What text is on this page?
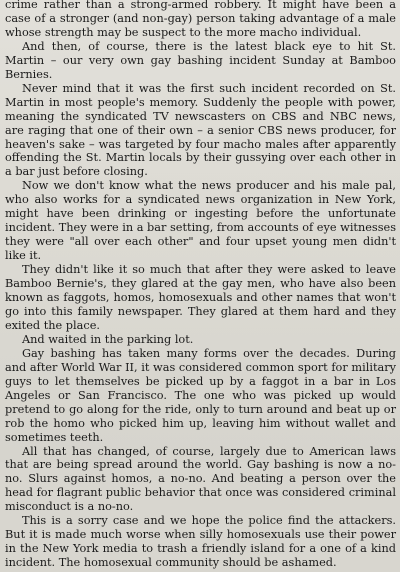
crime rather than a strong-armed robbery. It might have been a case of a stronger (and non-gay) person taking advantage of a male whose strength may be suspect to the more macho individual.

And then, of course, there is the latest black eye to hit St. Martin – our very own gay bashing incident Sunday at Bamboo Bernies.

Never mind that it was the first such incident recorded on St. Martin in most people's memory. Suddenly the people with power, meaning the syndicated TV newscasters on CBS and NBC news, are raging that one of their own – a senior CBS news producer, for heaven's sake – was targeted by four macho males after apparently offending the St. Martin locals by their gussying over each other in a bar just before closing.

Now we don't know what the news producer and his male pal, who also works for a syndicated news organization in New York, might have been drinking or ingesting before the unfortunate incident. They were in a bar setting, from accounts of eye witnesses they were "all over each other" and four upset young men didn't like it.

They didn't like it so much that after they were asked to leave Bamboo Bernie's, they glared at the gay men, who have also been known as faggots, homos, homosexuals and other names that won't go into this family newspaper. They glared at them hard and they exited the place.

And waited in the parking lot.

Gay bashing has taken many forms over the decades. During and after World War II, it was considered common sport for military guys to let themselves be picked up by a faggot in a bar in Los Angeles or San Francisco. The one who was picked up would pretend to go along for the ride, only to turn around and beat up or rob the homo who picked him up, leaving him without wallet and sometimes teeth.

All that has changed, of course, largely due to American laws that are being spread around the world. Gay bashing is now a no-no. Slurs against homos, a no-no. And beating a person over the head for flagrant public behavior that once was considered criminal misconduct is a no-no.

This is a sorry case and we hope the police find the attackers. But it is made much worse when silly homosexuals use their power in the New York media to trash a friendly island for a one of a kind incident. The homosexual community should be ashamed.
